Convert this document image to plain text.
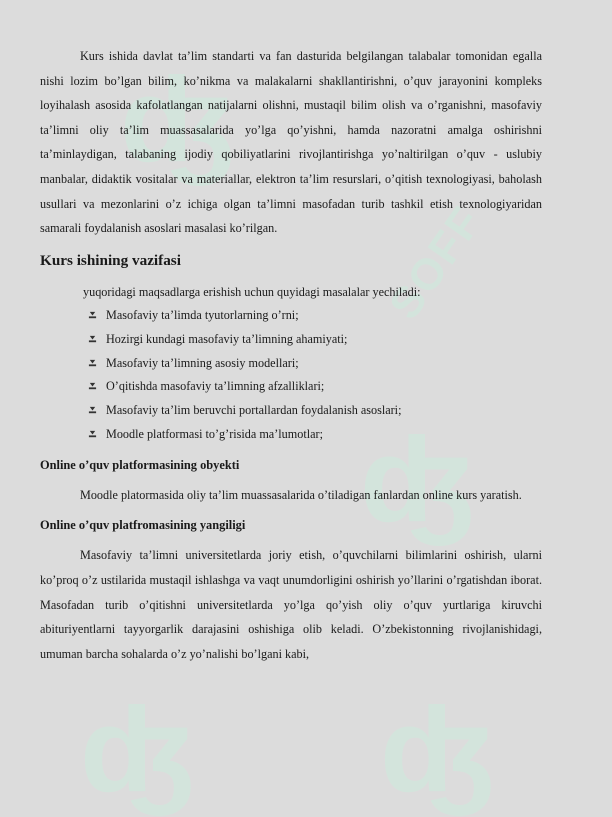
SOFF
ʤ
ʤ
ʤ ʤ

Kurs ishida davlat ta’lim standarti va fan dasturida belgilangan talabalar tomonidan egalla nishi lozim bo’lgan bilim, ko’nikma va malakalarni shakllantirishni, o’quv jarayonini kompleks loyihalash asosida kafolatlangan natijalarni olishni, mustaqil bilim olish va o’rganishni, masofaviy ta’limni oliy ta’lim muassasalarida yo’lga qo’yishni, hamda nazoratni amalga oshirishni ta’minlaydigan, talabaning ijodiy qobiliyatlarini rivojlantirishga yo’naltirilgan o’quv - uslubiy manbalar, didaktik vositalar va materiallar, elektron ta’lim resurslari, o’qitish texnologiyasi, baholash usullari va mezonlarini o’z ichiga olgan ta’limni masofadan turib tashkil etish texnologiyaridan samarali foydalanish asoslari masalasi ko’rilgan.

Kurs ishining vazifasi
yuqoridagi maqsadlarga erishish uchun quyidagi masalalar yechiladi:
Masofaviy ta’limda tyutorlarning o’rni;
Hozirgi kundagi masofaviy ta’limning ahamiyati;
Masofaviy ta’limning asosiy modellari;
O’qitishda masofaviy ta’limning afzalliklari;
Masofaviy ta’lim beruvchi portallardan foydalanish asoslari;
Moodle platformasi to’g’risida ma’lumotlar;
Online o’quv platformasining obyekti

Moodle platormasida oliy ta’lim muassasalarida o’tiladigan fanlardan online kurs yaratish.

Online o’quv platfromasining yangiligi

Masofaviy ta’limni universitetlarda joriy etish, o’quvchilarni bilimlarini oshirish, ularni ko’proq o’z ustilarida mustaqil ishlashga va vaqt unumdorligini oshirish yo’llarini o’rgatishdan iborat. Masofadan turib o’qitishni universitetlarda yo’lga qo’yish oliy o’quv yurtlariga kiruvchi abituriyentlarni tayyorgarlik darajasini oshishiga olib keladi. O’zbekistonning rivojlanishidagi, umuman barcha sohalarda o’z yo’nalishi bo’lgani kabi,
